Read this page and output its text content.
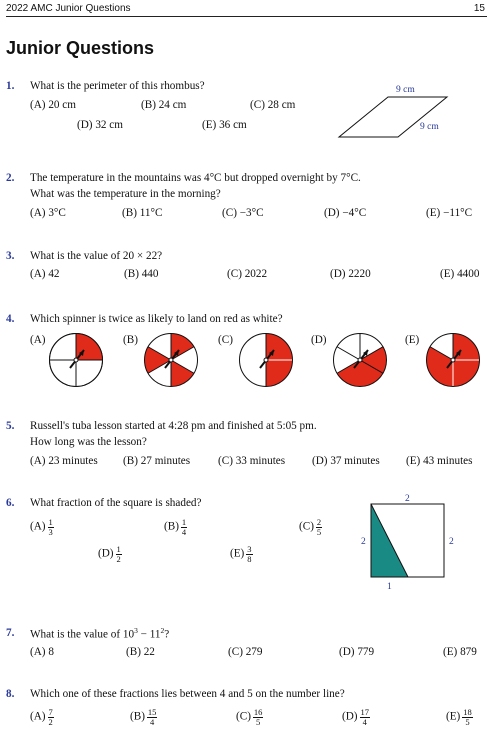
2022 AMC Junior Questions	15
Junior Questions
1. What is the perimeter of this rhombus?
(A) 20 cm	(B) 24 cm	(C) 28 cm
(D) 32 cm	(E) 36 cm
9 cm
9 cm
2. The temperature in the mountains was 4°C but dropped overnight by 7°C.
What was the temperature in the morning?
(A) 3°C	(B) 11°C	(C) −3°C	(D) −4°C	(E) −11°C
3. What is the value of 20 × 22?
(A) 42	(B) 440	(C) 2022	(D) 2220	(E) 4400
4. Which spinner is twice as likely to land on red as white?
(A)	(B)	(C)	(D)	(E)
5. Russell's tuba lesson started at 4:28 pm and finished at 5:05 pm.
How long was the lesson?
(A) 23 minutes (B) 27 minutes (C) 33 minutes (D) 37 minutes (E) 43 minutes
6. What fraction of the square is shaded?
$(A) \frac{1}{3}$	$(B) \frac{1}{4}$	$(C) \frac{2}{5}$
$(D) \frac{1}{2}$	$(E) \frac{3}{8}$
2
2	2
1
7. What is the value of $10^3 - 11^2$?
(A) 8	(B) 22	(C) 279	(D) 779	(E) 879
8. Which one of these fractions lies between 4 and 5 on the number line?
$(A) \frac{7}{2}$	$(B) \frac{15}{4}$	$(C) \frac{16}{5}$	$(D) \frac{17}{4}$	$(E) \frac{18}{5}$
